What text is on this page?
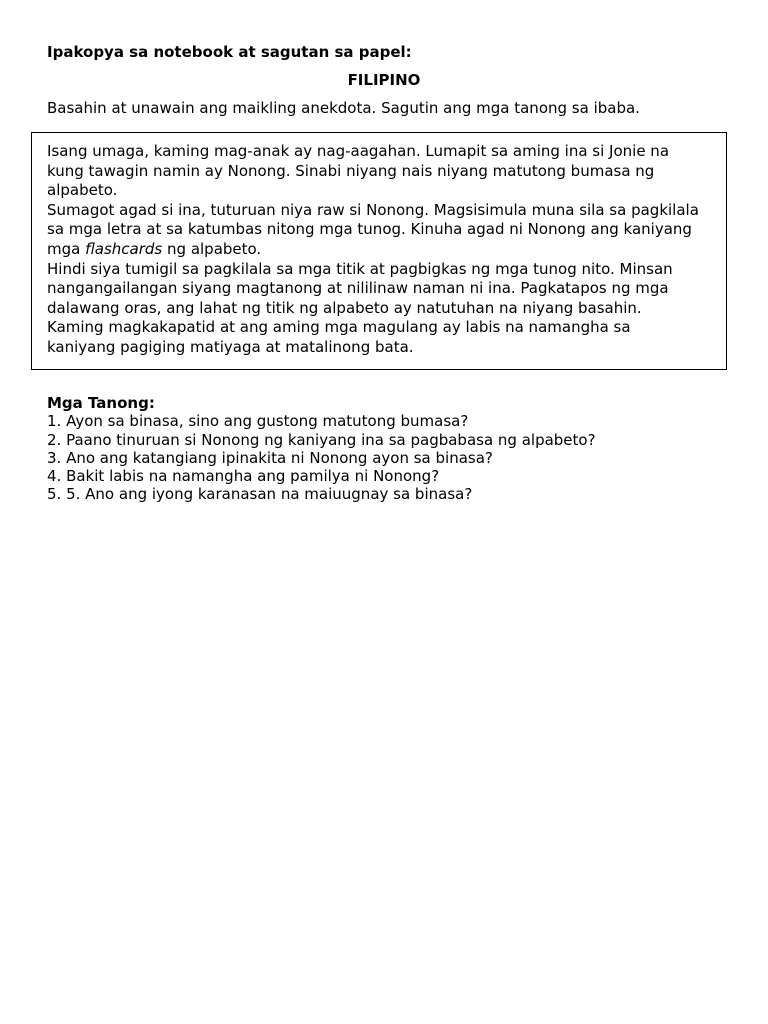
Ipakopya sa notebook at sagutan sa papel:
FILIPINO
Basahin at unawain ang maikling anekdota. Sagutin ang mga tanong sa ibaba.
Isang umaga, kaming mag-anak ay nag-aagahan. Lumapit sa aming ina si Jonie na
kung tawagin namin ay Nonong. Sinabi niyang nais niyang matutong bumasa ng
alpabeto.
Sumagot agad si ina, tuturuan niya raw si Nonong. Magsisimula muna sila sa pagkilala
sa mga letra at sa katumbas nitong mga tunog. Kinuha agad ni Nonong ang kaniyang
mga flashcards ng alpabeto.
Hindi siya tumigil sa pagkilala sa mga titik at pagbigkas ng mga tunog nito. Minsan
nangangailangan siyang magtanong at nililinaw naman ni ina. Pagkatapos ng mga
dalawang oras, ang lahat ng titik ng alpabeto ay natutuhan na niyang basahin.
Kaming magkakapatid at ang aming mga magulang ay labis na namangha sa
kaniyang pagiging matiyaga at matalinong bata.
Mga Tanong:
1. Ayon sa binasa, sino ang gustong matutong bumasa?
2. Paano tinuruan si Nonong ng kaniyang ina sa pagbabasa ng alpabeto?
3. Ano ang katangiang ipinakita ni Nonong ayon sa binasa?
4. Bakit labis na namangha ang pamilya ni Nonong?
5. 5. Ano ang iyong karanasan na maiuugnay sa binasa?
